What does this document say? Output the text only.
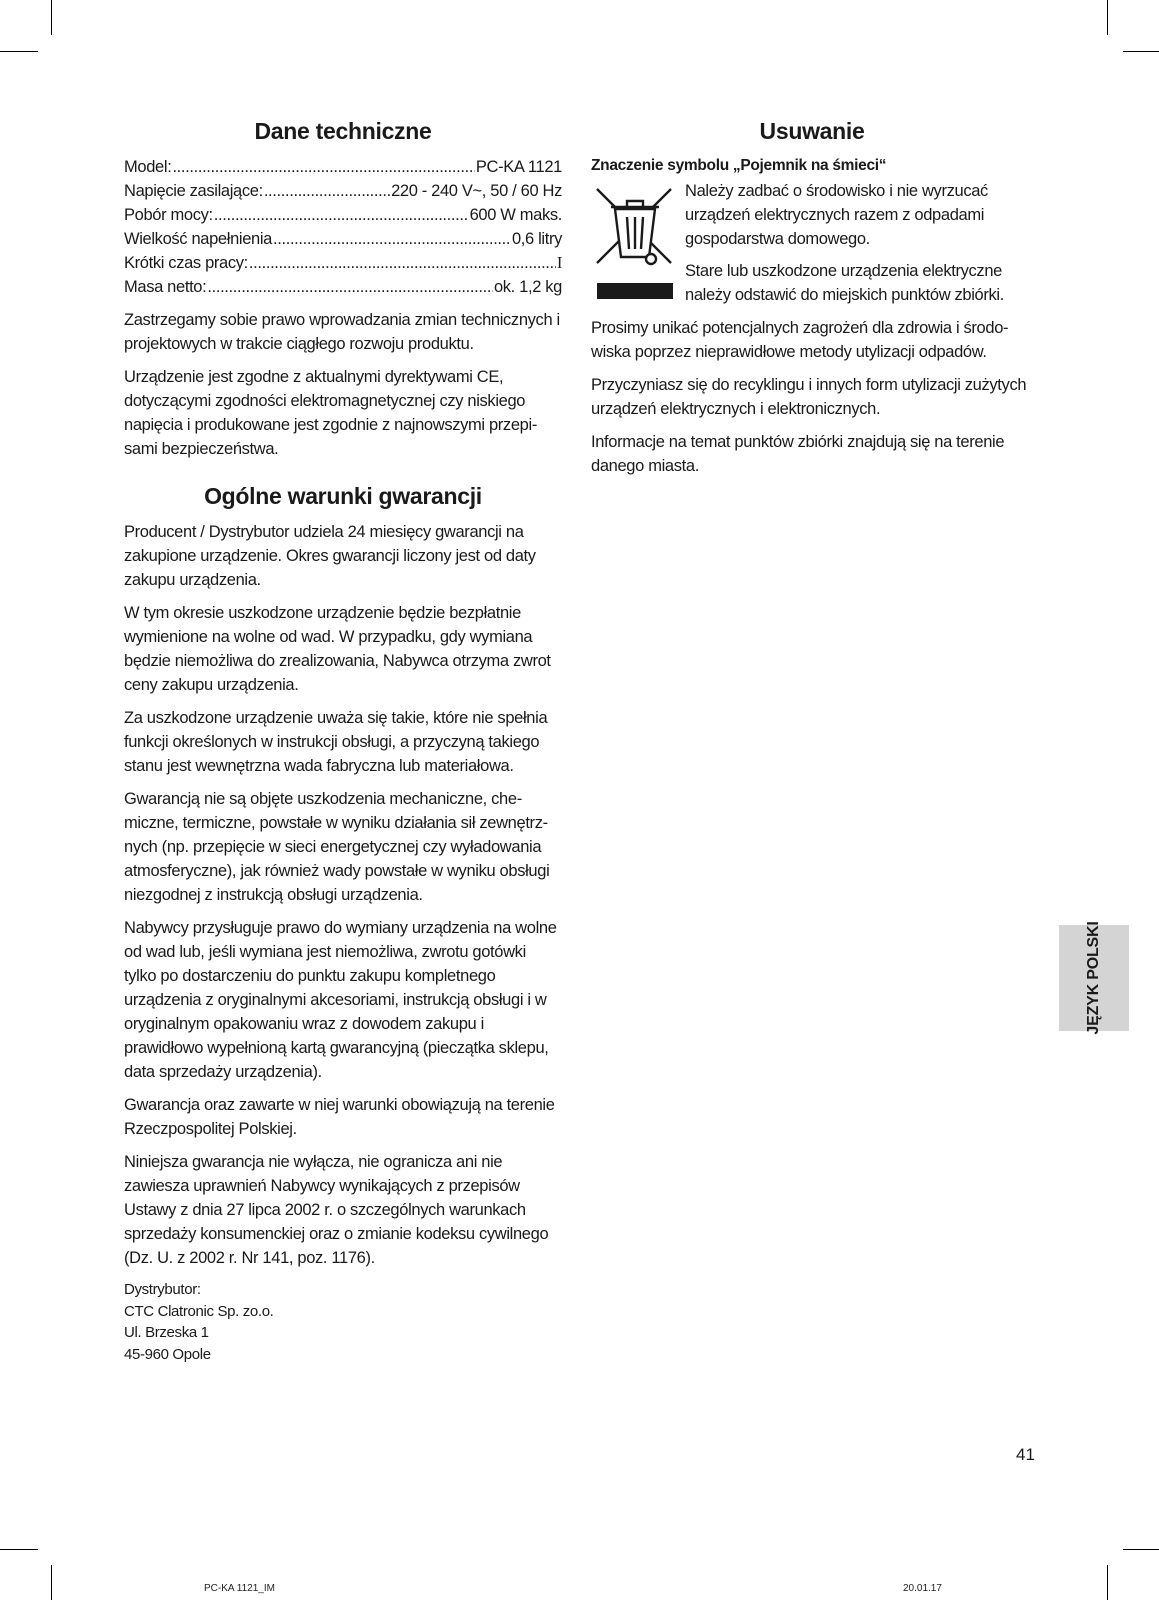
Dane techniczne
Model: .....	PC-KA 1121
Napięcie zasilające: .....	220 - 240 V~, 50 / 60 Hz
Pobór mocy: .....	600 W maks.
Wielkość napełnienia .....	0,6 litry
Krótki czas pracy: .....	I
Masa netto: .....	ok. 1,2 kg

Zastrzegamy sobie prawo wprowadzania zmian technicznych i projektowych w trakcie ciągłego rozwoju produktu.

Urządzenie jest zgodne z aktualnymi dyrektywami CE, dotyczącymi zgodności elektromagnetycznej czy niskiego napięcia i produkowane jest zgodnie z najnowszymi przepisami bezpieczeństwa.

Ogólne warunki gwarancji

Producent / Dystrybutor udziela 24 miesięcy gwarancji na zakupione urządzenie. Okres gwarancji liczony jest od daty zakupu urządzenia.

W tym okresie uszkodzone urządzenie będzie bezpłatnie wymienione na wolne od wad. W przypadku, gdy wymiana będzie niemożliwa do zrealizowania, Nabywca otrzyma zwrot ceny zakupu urządzenia.

Za uszkodzone urządzenie uważa się takie, które nie spełnia funkcji określonych w instrukcji obsługi, a przyczyną takiego stanu jest wewnętrzna wada fabryczna lub materiałowa.

Gwarancją nie są objęte uszkodzenia mechaniczne, chemiczne, termiczne, powstałe w wyniku działania sił zewnętrznych (np. przepięcie w sieci energetycznej czy wyładowania atmosferyczne), jak również wady powstałe w wyniku obsługi niezgodnej z instrukcją obsługi urządzenia.

Nabywcy przysługuje prawo do wymiany urządzenia na wolne od wad lub, jeśli wymiana jest niemożliwa, zwrotu gotówki tylko po dostarczeniu do punktu zakupu kompletnego urządzenia z oryginalnymi akcesoriami, instrukcją obsługi i w oryginalnym opakowaniu wraz z dowodem zakupu i prawidłowo wypełnioną kartą gwarancyjną (pieczątka sklepu, data sprzedaży urządzenia).

Gwarancja oraz zawarte w niej warunki obowiązują na terenie Rzeczpospolitej Polskiej.

Niniejsza gwarancja nie wyłącza, nie ogranicza ani nie zawiesza uprawnień Nabywcy wynikających z przepisów Ustawy z dnia 27 lipca 2002 r. o szczególnych warunkach sprzedaży konsumenckiej oraz o zmianie kodeksu cywilnego (Dz. U. z 2002 r. Nr 141, poz. 1176).

Dystrybutor:

CTC Clatronic Sp. zo.o.

Ul. Brzeska 1

45-960 Opole

Usuwanie
Znaczenie symbolu „Pojemnik na śmieci“

Należy zadbać o środowisko i nie wyrzucać urządzeń elektrycznych razem z odpadami gospodarstwa domowego.

Stare lub uszkodzone urządzenia elektryczne należy odstawić do miejskich punktów zbiórki.

Prosimy unikać potencjalnych zagrożeń dla zdrowia i środowiska poprzez nieprawidłowe metody utylizacji odpadów.

Przyczyniasz się do recyklingu i innych form utylizacji zużytych urządzeń elektrycznych i elektronicznych.

Informacje na temat punktów zbiórki znajdują się na terenie danego miasta.

JĘZYK POLSKI
41
PC-KA 1121_IM	20.01.17
